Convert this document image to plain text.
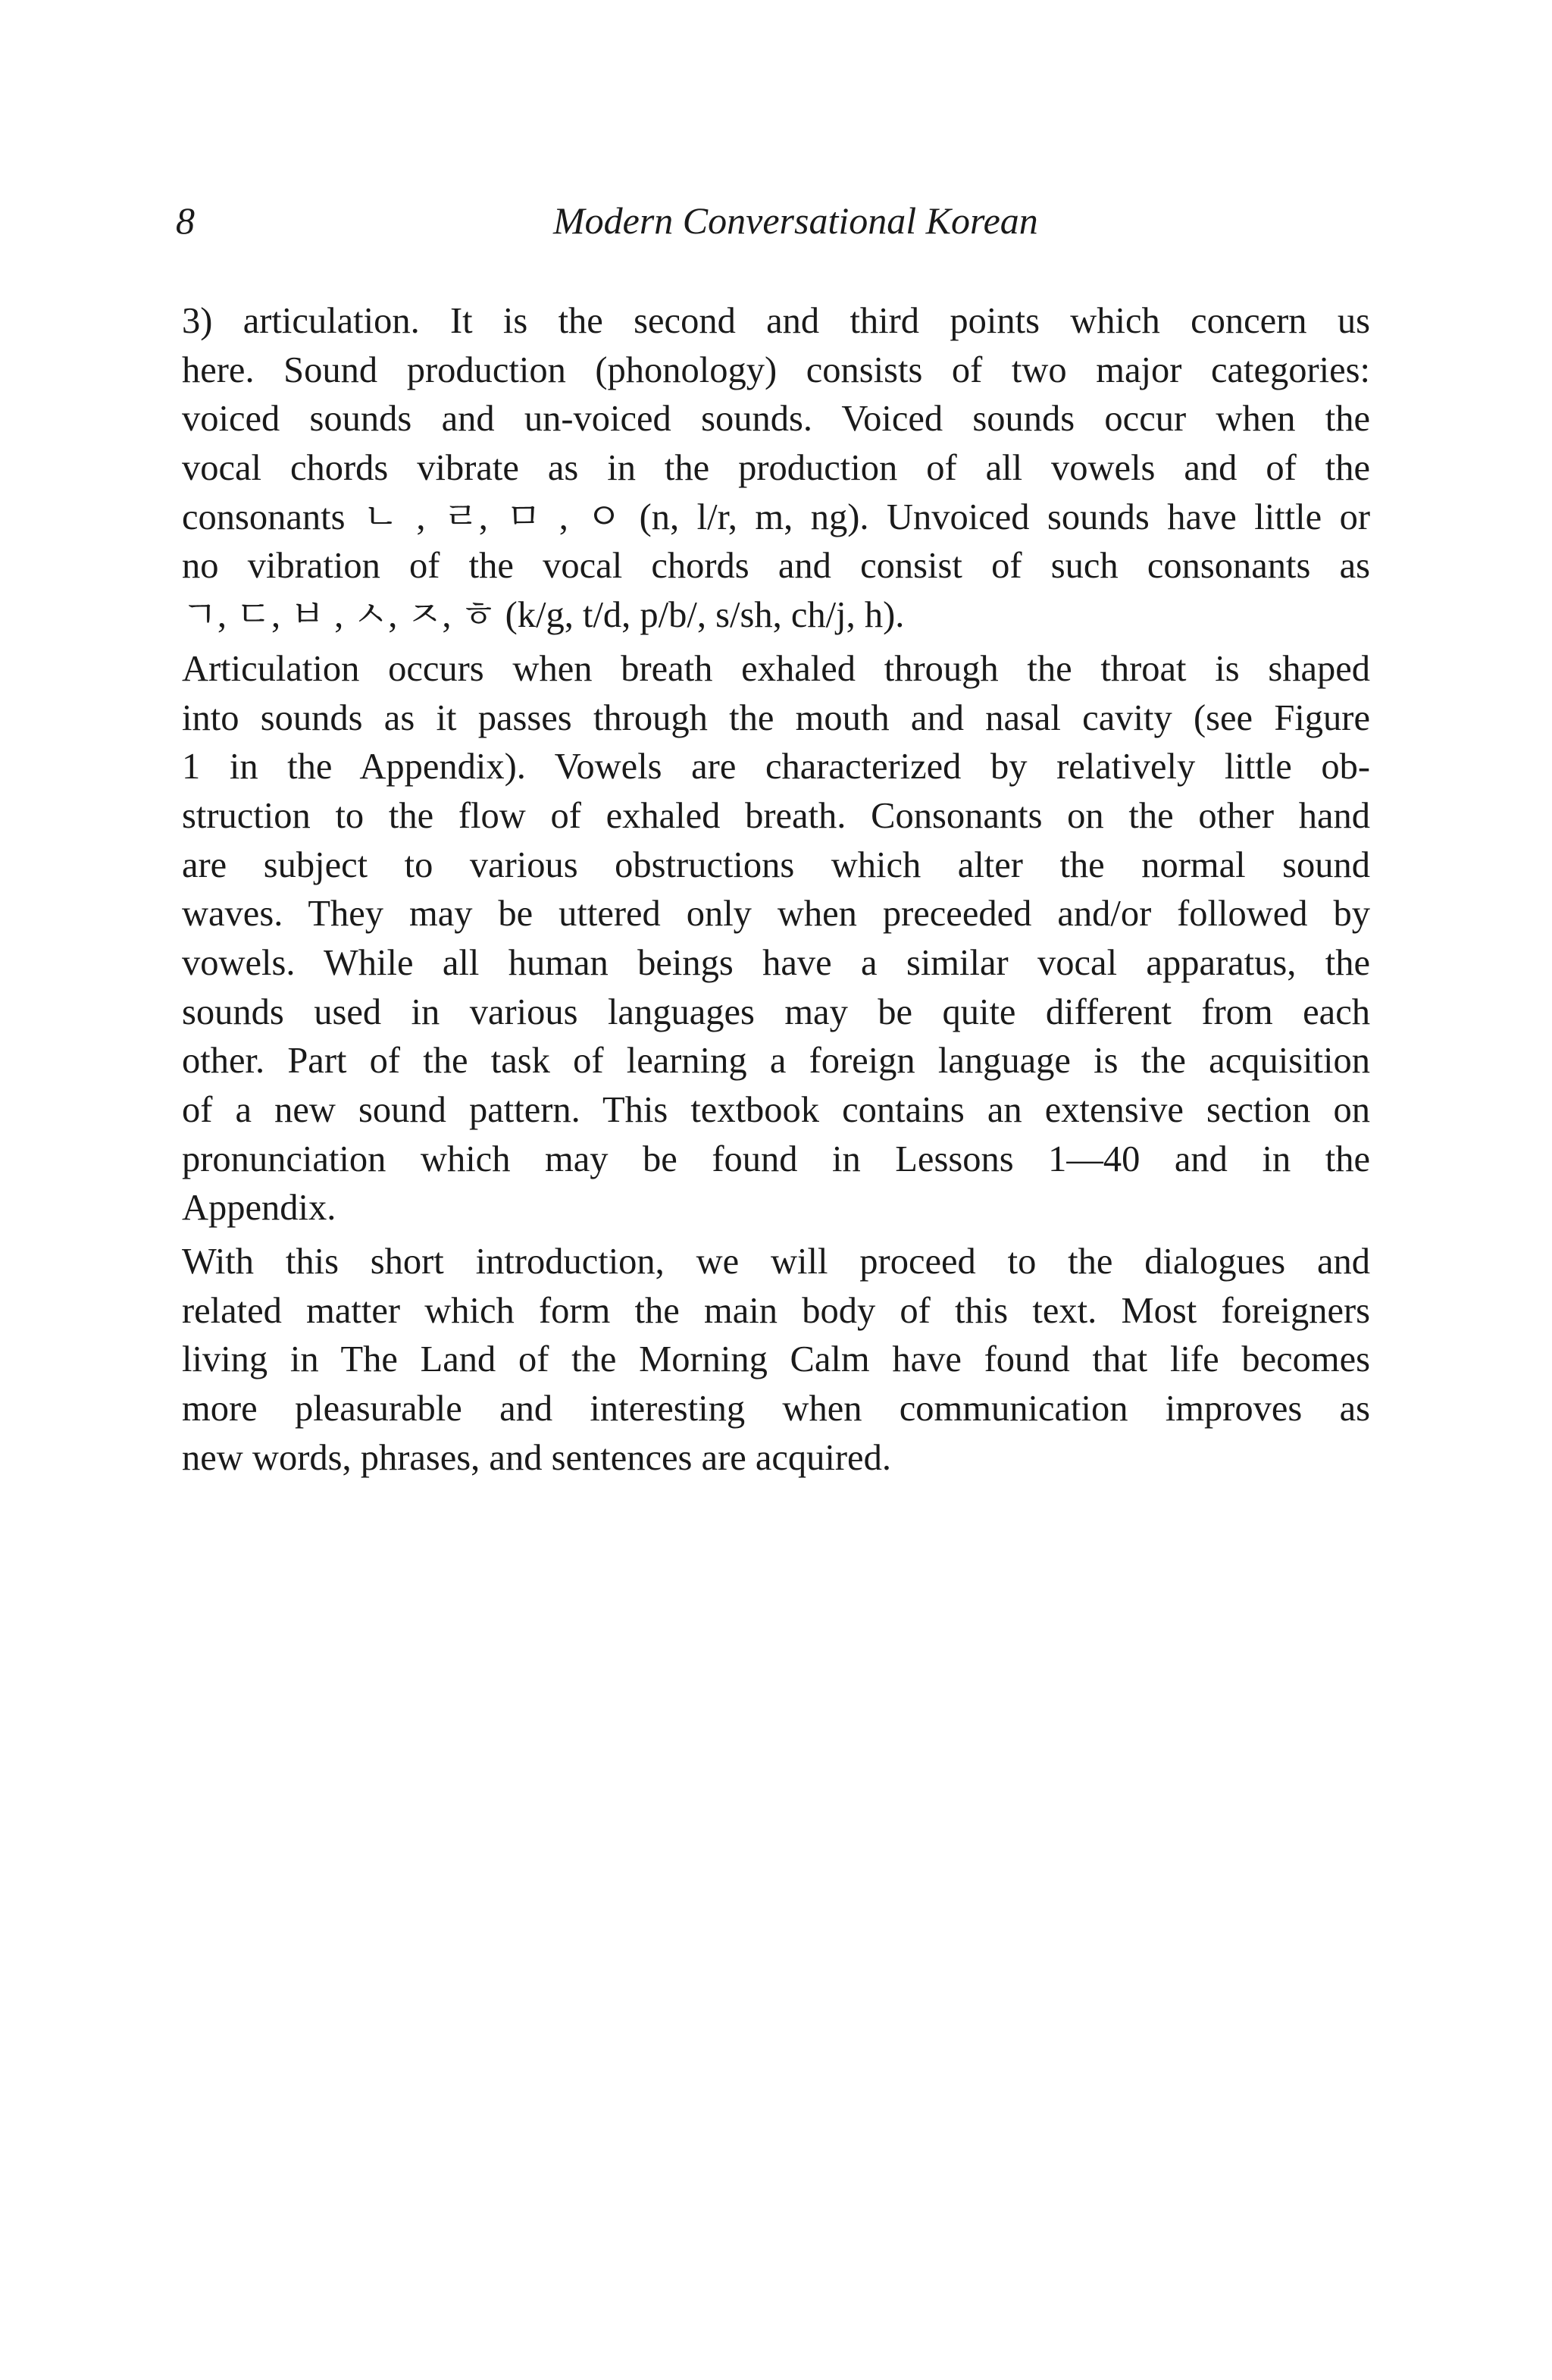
8	Modern Conversational Korean
3) articulation. It is the second and third points which concern us
here. Sound production (phonology) consists of two major categories:
voiced sounds and un-voiced sounds. Voiced sounds occur when the
vocal chords vibrate as in the production of all vowels and of the
consonants ㄴ , ㄹ, ㅁ , ㅇ (n, l/r, m, ng). Unvoiced sounds have little or
no vibration of the vocal chords and consist of such consonants as
ㄱ, ㄷ, ㅂ , ㅅ, ㅈ, ㅎ (k/g, t/d, p/b/, s/sh, ch/j, h).
Articulation occurs when breath exhaled through the throat is shaped
into sounds as it passes through the mouth and nasal cavity (see Figure
1 in the Appendix). Vowels are characterized by relatively little ob-
struction to the flow of exhaled breath. Consonants on the other hand
are subject to various obstructions which alter the normal sound
waves. They may be uttered only when preceeded and/or followed by
vowels. While all human beings have a similar vocal apparatus, the
sounds used in various languages may be quite different from each
other. Part of the task of learning a foreign language is the acquisition
of a new sound pattern. This textbook contains an extensive section on
pronunciation which may be found in Lessons 1—40 and in the
Appendix.
With this short introduction, we will proceed to the dialogues and
related matter which form the main body of this text. Most foreigners
living in The Land of the Morning Calm have found that life becomes
more pleasurable and interesting when communication improves as
new words, phrases, and sentences are acquired.
